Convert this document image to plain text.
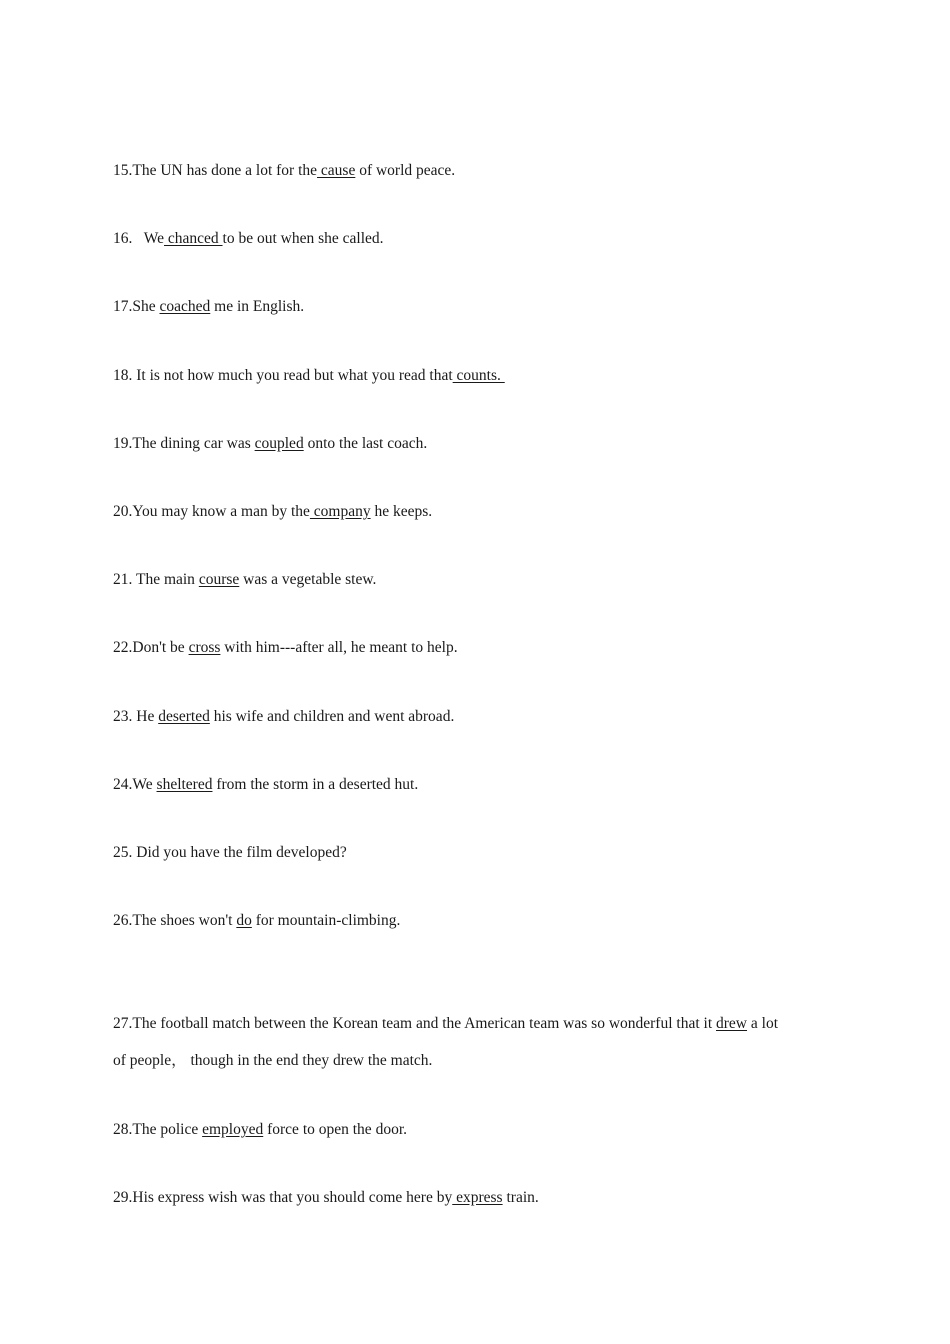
15.The UN has done a lot for the cause of world peace.
16.   We chanced to be out when she called.
17.She coached me in English.
18. It is not how much you read but what you read that counts.
19.The dining car was coupled onto the last coach.
20.You may know a man by the company he keeps.
21. The main course was a vegetable stew.
22.Don't be cross with him---after all, he meant to help.
23. He deserted his wife and children and went abroad.
24.We sheltered from the storm in a deserted hut.
25. Did you have the film developed?
26.The shoes won't do for mountain-climbing.
27.The football match between the Korean team and the American team was so wonderful that it drew a lot
of people， though in the end they drew the match.
28.The police employed force to open the door.
29.His express wish was that you should come here by express train.
